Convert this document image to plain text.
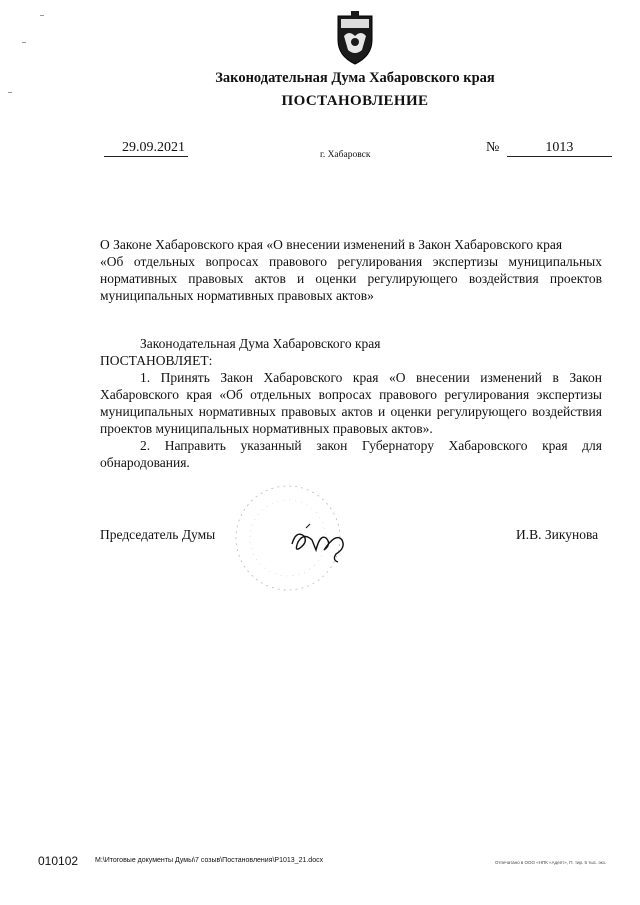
Законодательная Дума Хабаровского края
ПОСТАНОВЛЕНИЕ
29.09.2021	г. Хабаровск	№	1013

О Законе Хабаровского края «О внесении изменений в Закон Хабаровского края

«Об отдельных вопросах правового регулирования экспертизы муниципальных нормативных правовых актов и оценки регулирующего воздействия проектов муниципальных нормативных правовых актов»

Законодательная Дума Хабаровского края

ПОСТАНОВЛЯЕТ:

1. Принять Закон Хабаровского края «О внесении изменений в Закон Хабаровского края «Об отдельных вопросах правового регулирования экспертизы муниципальных нормативных правовых актов и оценки регулирующего воздействия проектов муниципальных нормативных правовых актов».

2. Направить указанный закон Губернатору Хабаровского края для обнародования.

Председатель Думы	И.В. Зикунова
010102 M:\Итоговые документы Думы\7 созыв\Постановления\P1013_21.docx	Отпечатано в ООО «НПК «Адепт», П. тир. 5 тыс. экз.
